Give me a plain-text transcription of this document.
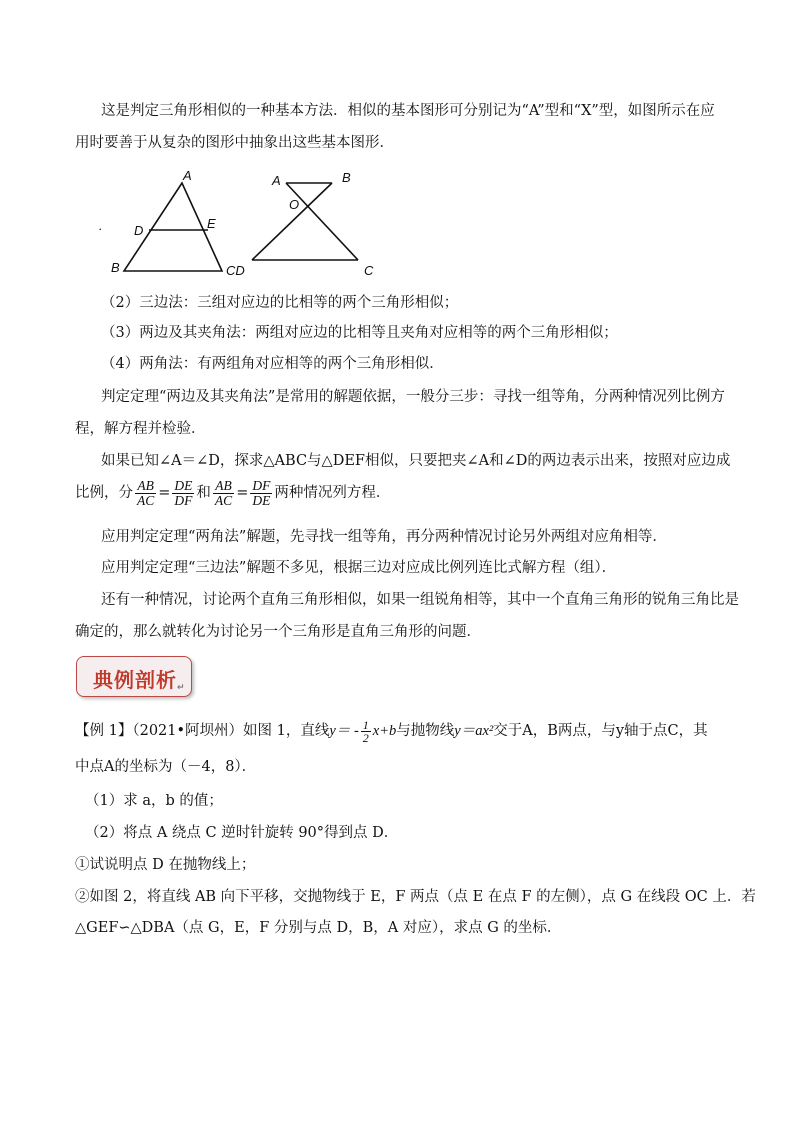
这是判定三角形相似的一种基本方法．相似的基本图形可分别记为“A”型和“X”型，如图所示在应
用时要善于从复杂的图形中抽象出这些基本图形．
.
A
D	E
B
A	B
O
CD	C
（2）三边法：三组对应边的比相等的两个三角形相似；
（3）两边及其夹角法：两组对应边的比相等且夹角对应相等的两个三角形相似；
（4）两角法：有两组角对应相等的两个三角形相似．
判定定理“两边及其夹角法”是常用的解题依据，一般分三步：寻找一组等角，分两种情况列比例方
程，解方程并检验．
如果已知∠A＝∠D，探求△ABC与△DEF相似，只要把夹∠A和∠D的两边表示出来，按照对应边成
比例，分 $\frac{AB}{AC} = \frac{DE}{DF}$ 和 $\frac{AB}{AC} = \frac{DF}{DE}$ 两种情况列方程．
应用判定定理“两角法”解题，先寻找一组等角，再分两种情况讨论另外两组对应角相等．
应用判定定理“三边法”解题不多见，根据三边对应成比例列连比式解方程（组）．
还有一种情况，讨论两个直角三角形相似，如果一组锐角相等，其中一个直角三角形的锐角三角比是
确定的，那么就转化为讨论另一个三角形是直角三角形的问题．
典例剖析↵
【例 1】（2021•阿坝州）如图 1，直线$y= - \frac{1}{2} x+b$与抛物线y＝ax²交于A，B两点，与y轴于点C，其
中点A的坐标为（－4，8）．
（1）求 a，b 的值；
（2）将点 A 绕点 C 逆时针旋转 90°得到点 D．
①试说明点 D 在抛物线上；
②如图 2，将直线 AB 向下平移，交抛物线于 E，F 两点（点 E 在点 F 的左侧），点 G 在线段 OC 上．若
△GEF∽△DBA（点 G，E，F 分别与点 D，B，A 对应），求点 G 的坐标．
